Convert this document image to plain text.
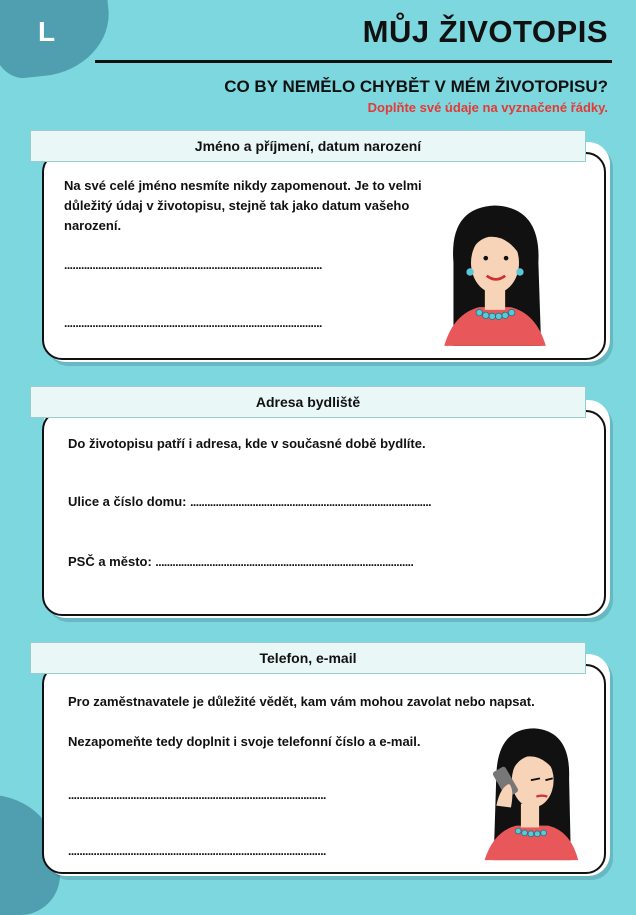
L	MŮJ ŽIVOTOPIS
CO BY NEMĚLO CHYBĚT V MÉM ŽIVOTOPISU?
Doplňte své údaje na vyznačené řádky.
Jméno a příjmení, datum narození
Na své celé jméno nesmíte nikdy zapomenout. Je to velmi důležitý údaj v životopisu, stejně tak jako datum vašeho narození.
...........................................................................................
...........................................................................................
Adresa bydliště
Do životopisu patří i adresa, kde v současné době bydlíte.
Ulice a číslo domu: .....................................................................................
PSČ a město: ...........................................................................................
Telefon, e-mail
Pro zaměstnavatele je důležité vědět, kam vám mohou zavolat nebo napsat.
Nezapomeňte tedy doplnit i svoje telefonní číslo a e-mail.
...........................................................................................
...........................................................................................
